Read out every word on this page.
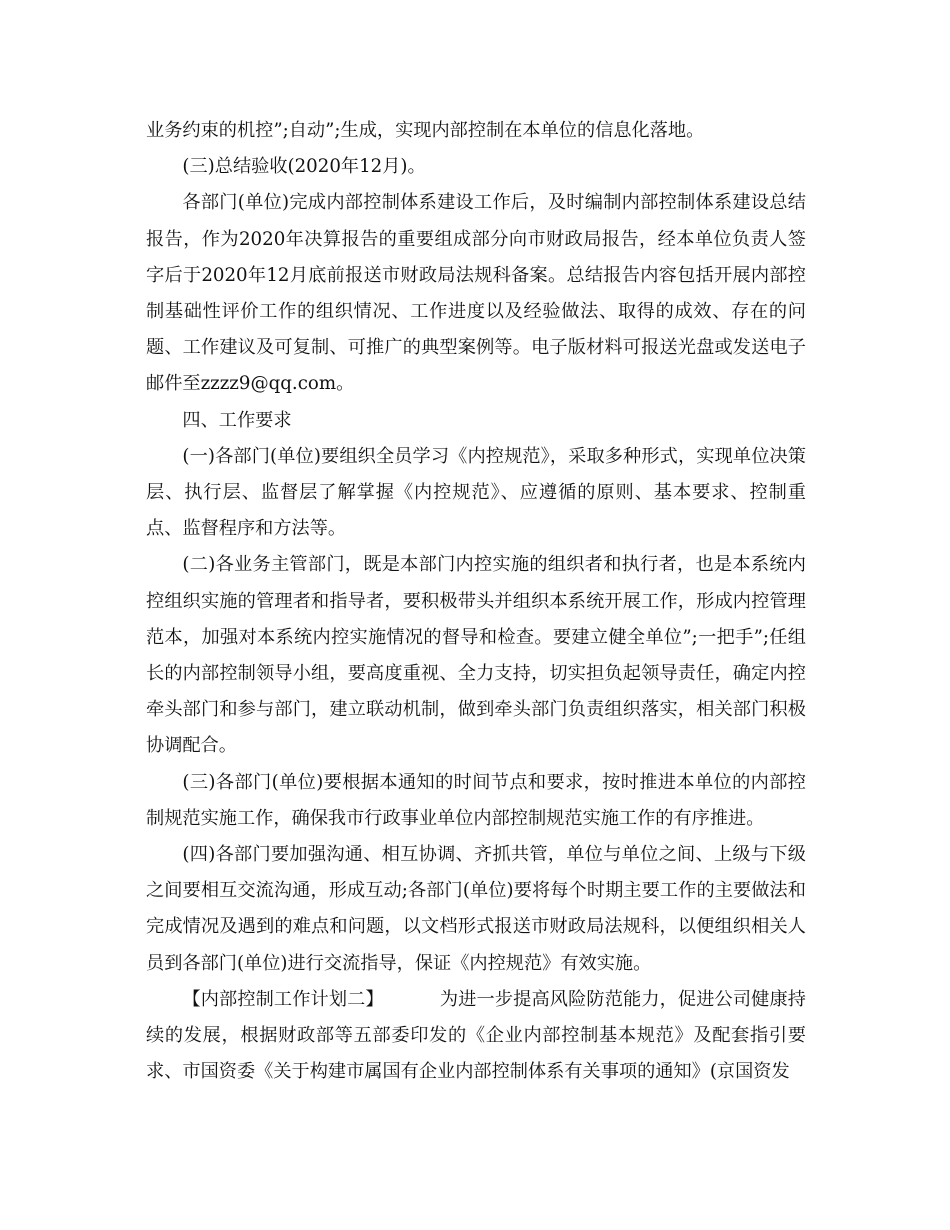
业务约束的机控”;自动”;生成，实现内部控制在本单位的信息化落地。

(三)总结验收(2020年12月)。

各部门(单位)完成内部控制体系建设工作后，及时编制内部控制体系建设总结报告，作为2020年决算报告的重要组成部分向市财政局报告，经本单位负责人签字后于2020年12月底前报送市财政局法规科备案。总结报告内容包括开展内部控制基础性评价工作的组织情况、工作进度以及经验做法、取得的成效、存在的问题、工作建议及可复制、可推广的典型案例等。电子版材料可报送光盘或发送电子邮件至zzzz9@qq.com。

四、工作要求

(一)各部门(单位)要组织全员学习《内控规范》，采取多种形式，实现单位决策层、执行层、监督层了解掌握《内控规范》、应遵循的原则、基本要求、控制重点、监督程序和方法等。

(二)各业务主管部门，既是本部门内控实施的组织者和执行者，也是本系统内控组织实施的管理者和指导者，要积极带头并组织本系统开展工作，形成内控管理范本，加强对本系统内控实施情况的督导和检查。要建立健全单位”;一把手”;任组长的内部控制领导小组，要高度重视、全力支持，切实担负起领导责任，确定内控牵头部门和参与部门，建立联动机制，做到牵头部门负责组织落实，相关部门积极协调配合。

(三)各部门(单位)要根据本通知的时间节点和要求，按时推进本单位的内部控制规范实施工作，确保我市行政事业单位内部控制规范实施工作的有序推进。

(四)各部门要加强沟通、相互协调、齐抓共管，单位与单位之间、上级与下级之间要相互交流沟通，形成互动;各部门(单位)要将每个时期主要工作的主要做法和完成情况及遇到的难点和问题，以文档形式报送市财政局法规科，以便组织相关人员到各部门(单位)进行交流指导，保证《内控规范》有效实施。

【内部控制工作计划二】	为进一步提高风险防范能力，促进公司健康持续的发展，根据财政部等五部委印发的《企业内部控制基本规范》及配套指引要求、市国资委《关于构建市属国有企业内部控制体系有关事项的通知》(京国资发
